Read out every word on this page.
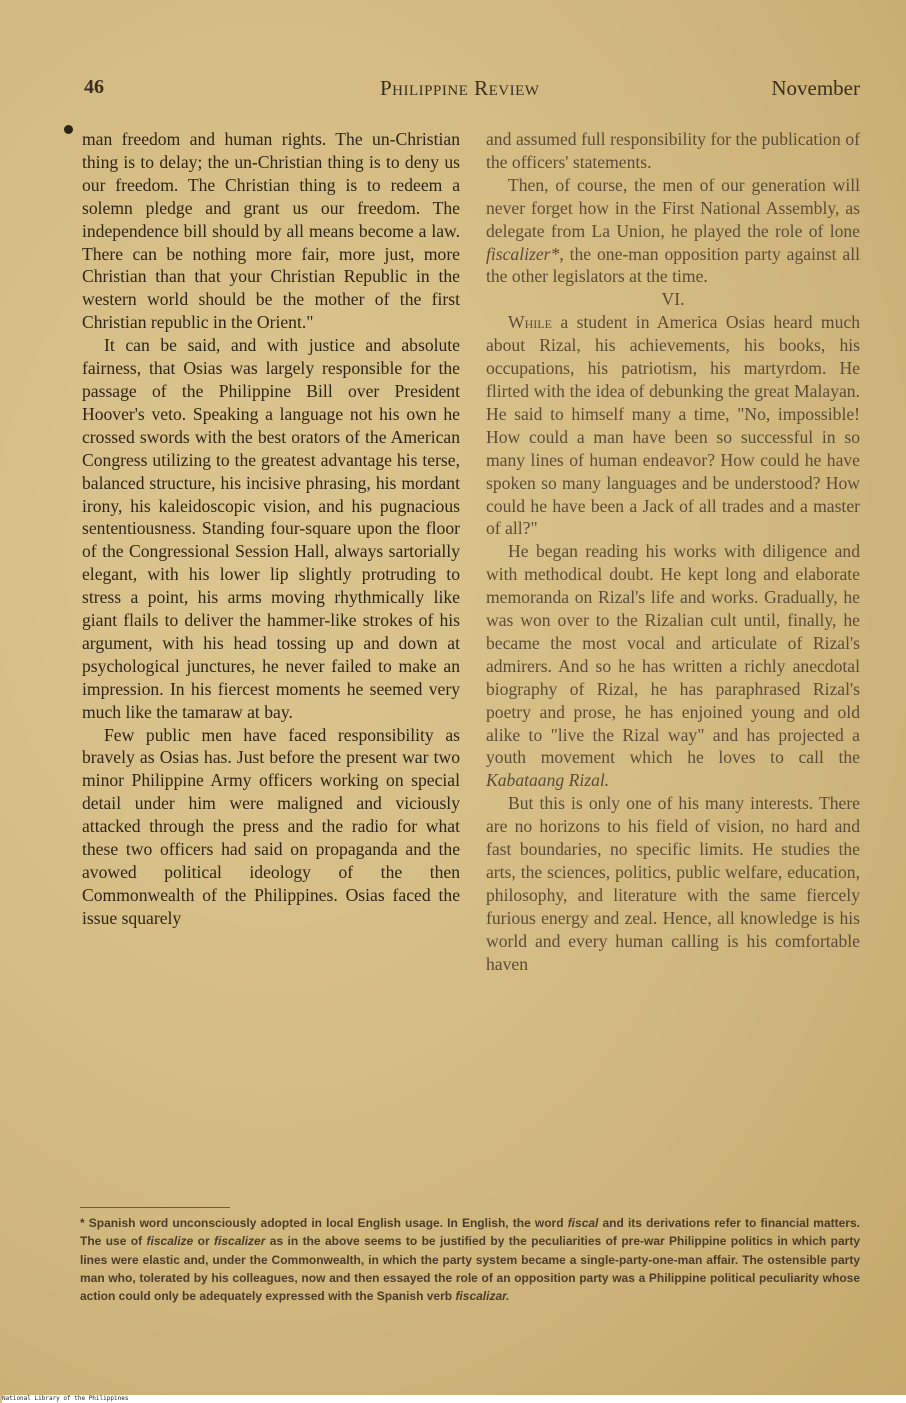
46	Philippine Review	November

man freedom and human rights. The un-Christian thing is to delay; the un-Christian thing is to deny us our freedom. The Christian thing is to redeem a solemn pledge and grant us our freedom. The independence bill should by all means become a law. There can be nothing more fair, more just, more Christian than that your Christian Republic in the western world should be the mother of the first Christian republic in the Orient."

It can be said, and with justice and absolute fairness, that Osias was largely responsible for the passage of the Philippine Bill over President Hoover's veto. Speaking a language not his own he crossed swords with the best orators of the American Congress utilizing to the greatest advantage his terse, balanced structure, his incisive phrasing, his mordant irony, his kaleidoscopic vision, and his pugnacious sententiousness. Standing four-square upon the floor of the Congressional Session Hall, always sartorially elegant, with his lower lip slightly protruding to stress a point, his arms moving rhythmically like giant flails to deliver the hammer-like strokes of his argument, with his head tossing up and down at psychological junctures, he never failed to make an impression. In his fiercest moments he seemed very much like the tamaraw at bay.

Few public men have faced responsibility as bravely as Osias has. Just before the present war two minor Philippine Army officers working on special detail under him were maligned and viciously attacked through the press and the radio for what these two officers had said on propaganda and the avowed political ideology of the then Commonwealth of the Philippines. Osias faced the issue squarely

and assumed full responsibility for the publication of the officers' statements.

Then, of course, the men of our generation will never forget how in the First National Assembly, as delegate from La Union, he played the role of lone fiscalizer*, the one-man opposition party against all the other legislators at the time.

VI.

While a student in America Osias heard much about Rizal, his achievements, his books, his occupations, his patriotism, his martyrdom. He flirted with the idea of debunking the great Malayan. He said to himself many a time, "No, impossible! How could a man have been so successful in so many lines of human endeavor? How could he have spoken so many languages and be understood? How could he have been a Jack of all trades and a master of all?"

He began reading his works with diligence and with methodical doubt. He kept long and elaborate memoranda on Rizal's life and works. Gradually, he was won over to the Rizalian cult until, finally, he became the most vocal and articulate of Rizal's admirers. And so he has written a richly anecdotal biography of Rizal, he has paraphrased Rizal's poetry and prose, he has enjoined young and old alike to "live the Rizal way" and has projected a youth movement which he loves to call the Kabataang Rizal.

But this is only one of his many interests. There are no horizons to his field of vision, no hard and fast boundaries, no specific limits. He studies the arts, the sciences, politics, public welfare, education, philosophy, and literature with the same fiercely furious energy and zeal. Hence, all knowledge is his world and every human calling is his comfortable haven

* Spanish word unconsciously adopted in local English usage. In English, the word fiscal and its derivations refer to financial matters. The use of fiscalize or fiscalizer as in the above seems to be justified by the peculiarities of pre-war Philippine politics in which party lines were elastic and, under the Commonwealth, in which the party system became a single-party-one-man affair. The ostensible party man who, tolerated by his colleagues, now and then essayed the role of an opposition party was a Philippine political peculiarity whose action could only be adequately expressed with the Spanish verb fiscalizar.
National Library of the Philippines
